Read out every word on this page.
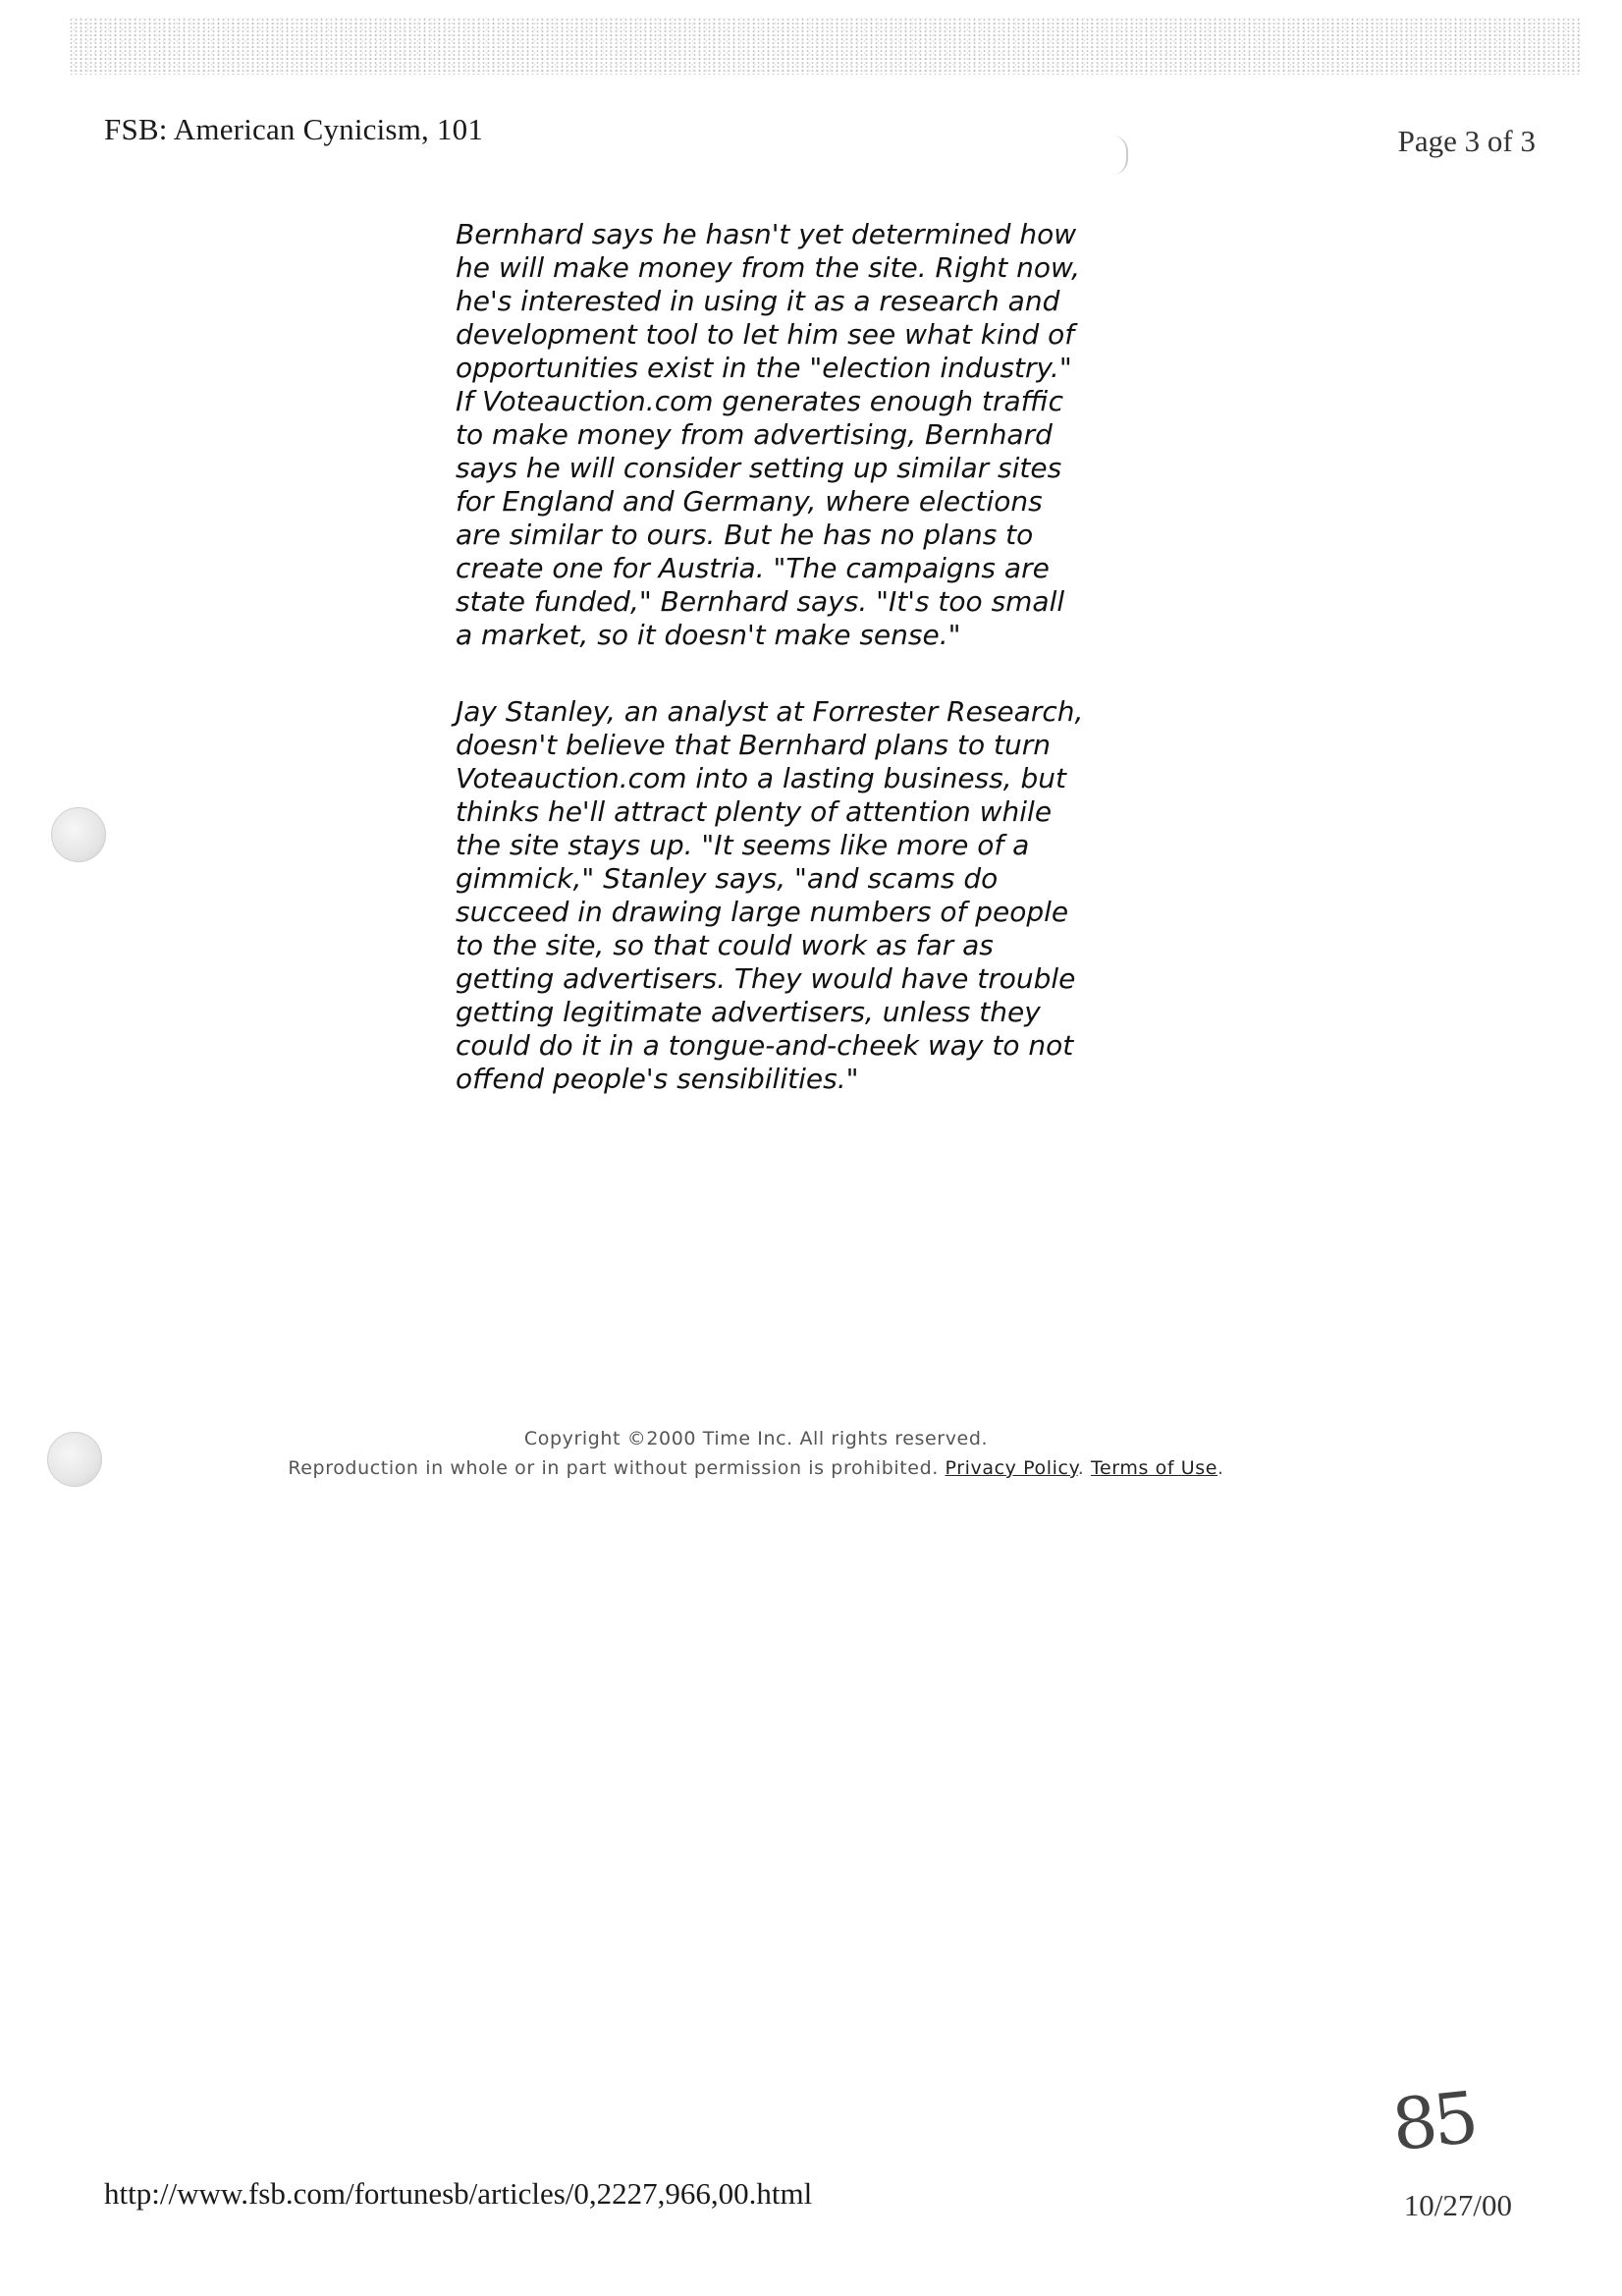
FSB: American Cynicism, 101	Page 3 of 3

Bernhard says he hasn't yet determined how he will make money from the site. Right now, he's interested in using it as a research and development tool to let him see what kind of opportunities exist in the "election industry." If Voteauction.com generates enough traffic to make money from advertising, Bernhard says he will consider setting up similar sites for England and Germany, where elections are similar to ours. But he has no plans to create one for Austria. "The campaigns are state funded," Bernhard says. "It's too small a market, so it doesn't make sense."

Jay Stanley, an analyst at Forrester Research, doesn't believe that Bernhard plans to turn Voteauction.com into a lasting business, but thinks he'll attract plenty of attention while the site stays up. "It seems like more of a gimmick," Stanley says, "and scams do succeed in drawing large numbers of people to the site, so that could work as far as getting advertisers. They would have trouble getting legitimate advertisers, unless they could do it in a tongue-and-cheek way to not offend people's sensibilities."

Copyright ©2000 Time Inc. All rights reserved.
Reproduction in whole or in part without permission is prohibited. Privacy Policy. Terms of Use.
85
http://www.fsb.com/fortunesb/articles/0,2227,966,00.html	10/27/00
